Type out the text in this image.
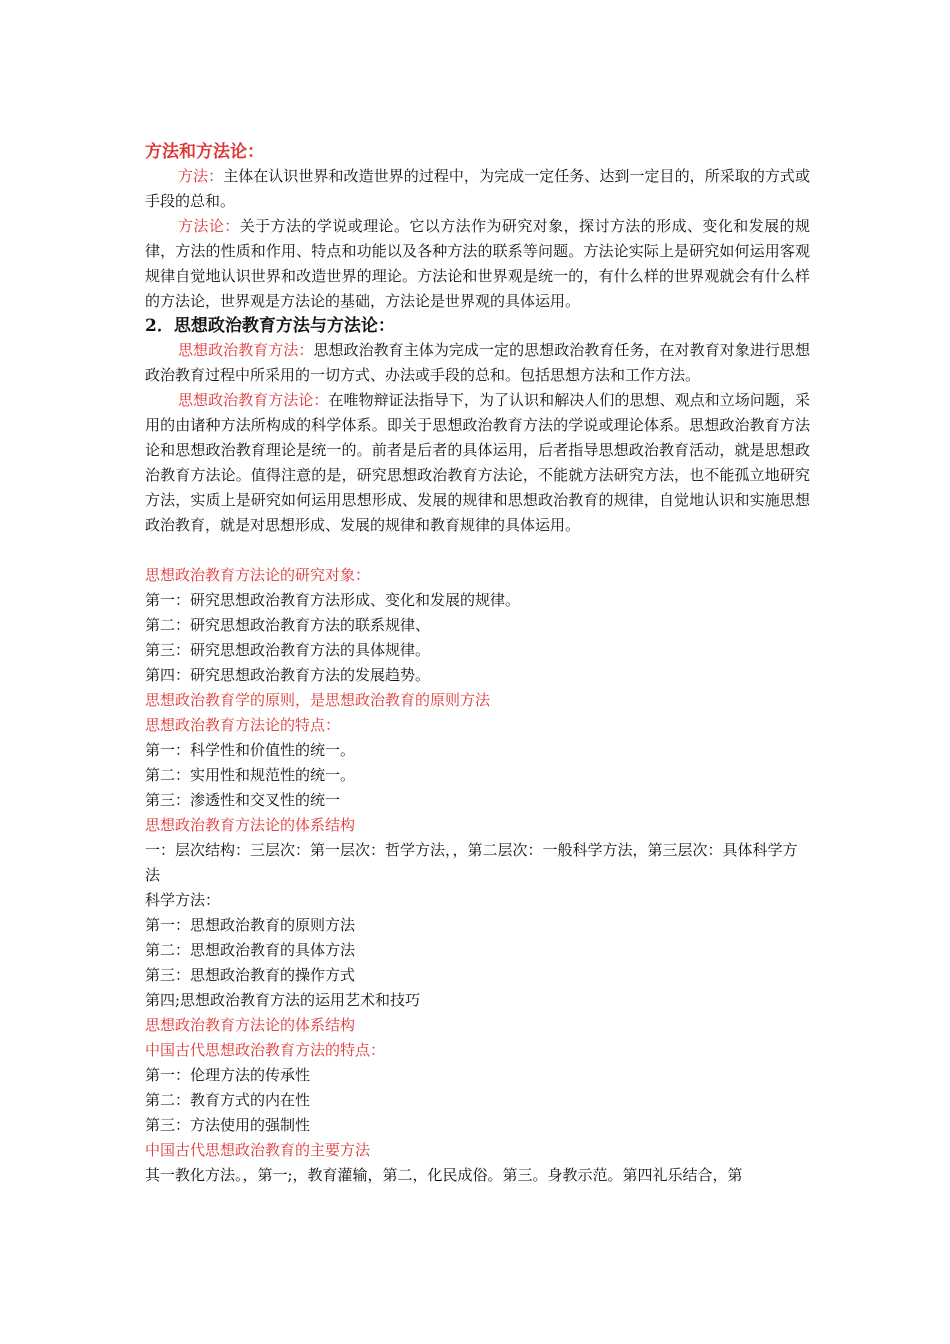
方法和方法论：

方法：主体在认识世界和改造世界的过程中，为完成一定任务、达到一定目的，所采取的方式或手段的总和。

方法论：关于方法的学说或理论。它以方法作为研究对象，探讨方法的形成、变化和发展的规律，方法的性质和作用、特点和功能以及各种方法的联系等问题。方法论实际上是研究如何运用客观规律自觉地认识世界和改造世界的理论。方法论和世界观是统一的，有什么样的世界观就会有什么样的方法论，世界观是方法论的基础，方法论是世界观的具体运用。

2．思想政治教育方法与方法论：

思想政治教育方法：思想政治教育主体为完成一定的思想政治教育任务，在对教育对象进行思想政治教育过程中所采用的一切方式、办法或手段的总和。包括思想方法和工作方法。

思想政治教育方法论：在唯物辩证法指导下，为了认识和解决人们的思想、观点和立场问题，采用的由诸种方法所构成的科学体系。即关于思想政治教育方法的学说或理论体系。思想政治教育方法论和思想政治教育理论是统一的。前者是后者的具体运用，后者指导思想政治教育活动，就是思想政治教育方法论。值得注意的是，研究思想政治教育方法论，不能就方法研究方法，也不能孤立地研究方法，实质上是研究如何运用思想形成、发展的规律和思想政治教育的规律，自觉地认识和实施思想政治教育，就是对思想形成、发展的规律和教育规律的具体运用。

思想政治教育方法论的研究对象：

第一：研究思想政治教育方法形成、变化和发展的规律。

第二：研究思想政治教育方法的联系规律、

第三：研究思想政治教育方法的具体规律。

第四：研究思想政治教育方法的发展趋势。

思想政治教育学的原则，是思想政治教育的原则方法

思想政治教育方法论的特点：

第一：科学性和价值性的统一。

第二：实用性和规范性的统一。

第三：渗透性和交叉性的统一

思想政治教育方法论的体系结构

一：层次结构：三层次：第一层次：哲学方法，，第二层次：一般科学方法，第三层次：具体科学方法

科学方法：

第一：思想政治教育的原则方法

第二：思想政治教育的具体方法

第三：思想政治教育的操作方式

第四;思想政治教育方法的运用艺术和技巧

思想政治教育方法论的体系结构

中国古代思想政治教育方法的特点：

第一：伦理方法的传承性

第二：教育方式的内在性

第三：方法使用的强制性

中国古代思想政治教育的主要方法

其一教化方法。，第一;，教育灌输，第二，化民成俗。第三。身教示范。第四礼乐结合，第
